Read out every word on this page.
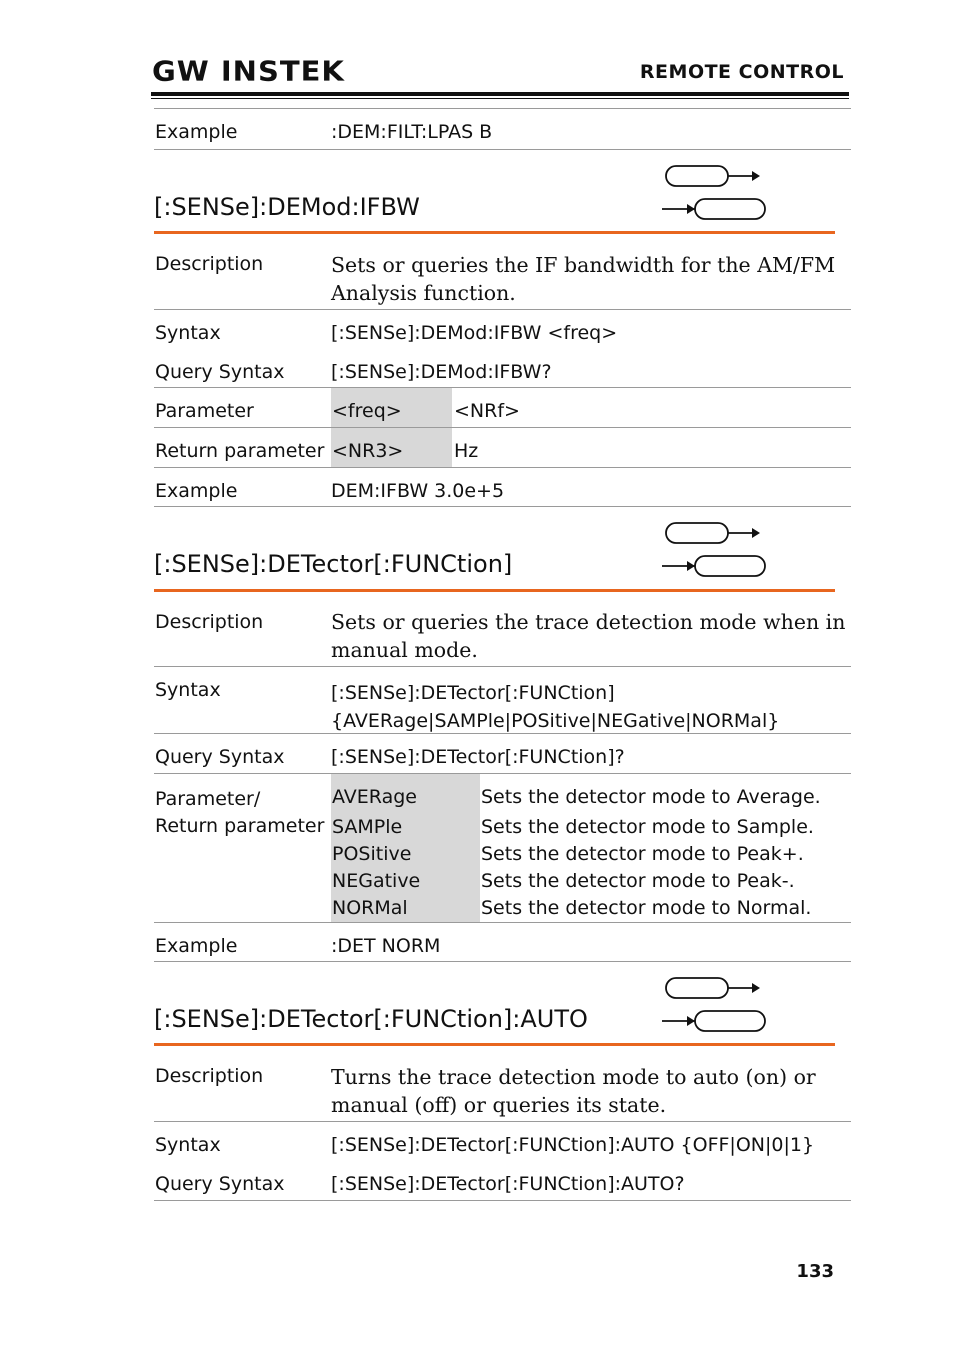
GW INSTEK	REMOTE CONTROL
Example	:DEM:FILT:LPAS B
[:SENSe]:DEMod:IFBW
Description	Sets or queries the IF bandwidth for the AM/FM
Analysis function.
Syntax	[:SENSe]:DEMod:IFBW <freq>
Query Syntax [:SENSe]:DEMod:IFBW?
Parameter	<freq>	<NRf>
Return parameter <NR3>	Hz
Example	DEM:IFBW 3.0e+5
[:SENSe]:DETector[:FUNCtion]
Description	Sets or queries the trace detection mode when in
manual mode.
Syntax	[:SENSe]:DETector[:FUNCtion]
{AVERage|SAMPle|POSitive|NEGative|NORMal}
Query Syntax [:SENSe]:DETector[:FUNCtion]?
Parameter/
Return parameter
AVERage	Sets the detector mode to Average.
SAMPle	Sets the detector mode to Sample.
POSitive	Sets the detector mode to Peak+.
NEGative	Sets the detector mode to Peak-.
NORMal	Sets the detector mode to Normal.
Example	:DET NORM
[:SENSe]:DETector[:FUNCtion]:AUTO
Description	Turns the trace detection mode to auto (on) or
manual (off) or queries its state.
Syntax	[:SENSe]:DETector[:FUNCtion]:AUTO {OFF|ON|0|1}
Query Syntax [:SENSe]:DETector[:FUNCtion]:AUTO?
133
